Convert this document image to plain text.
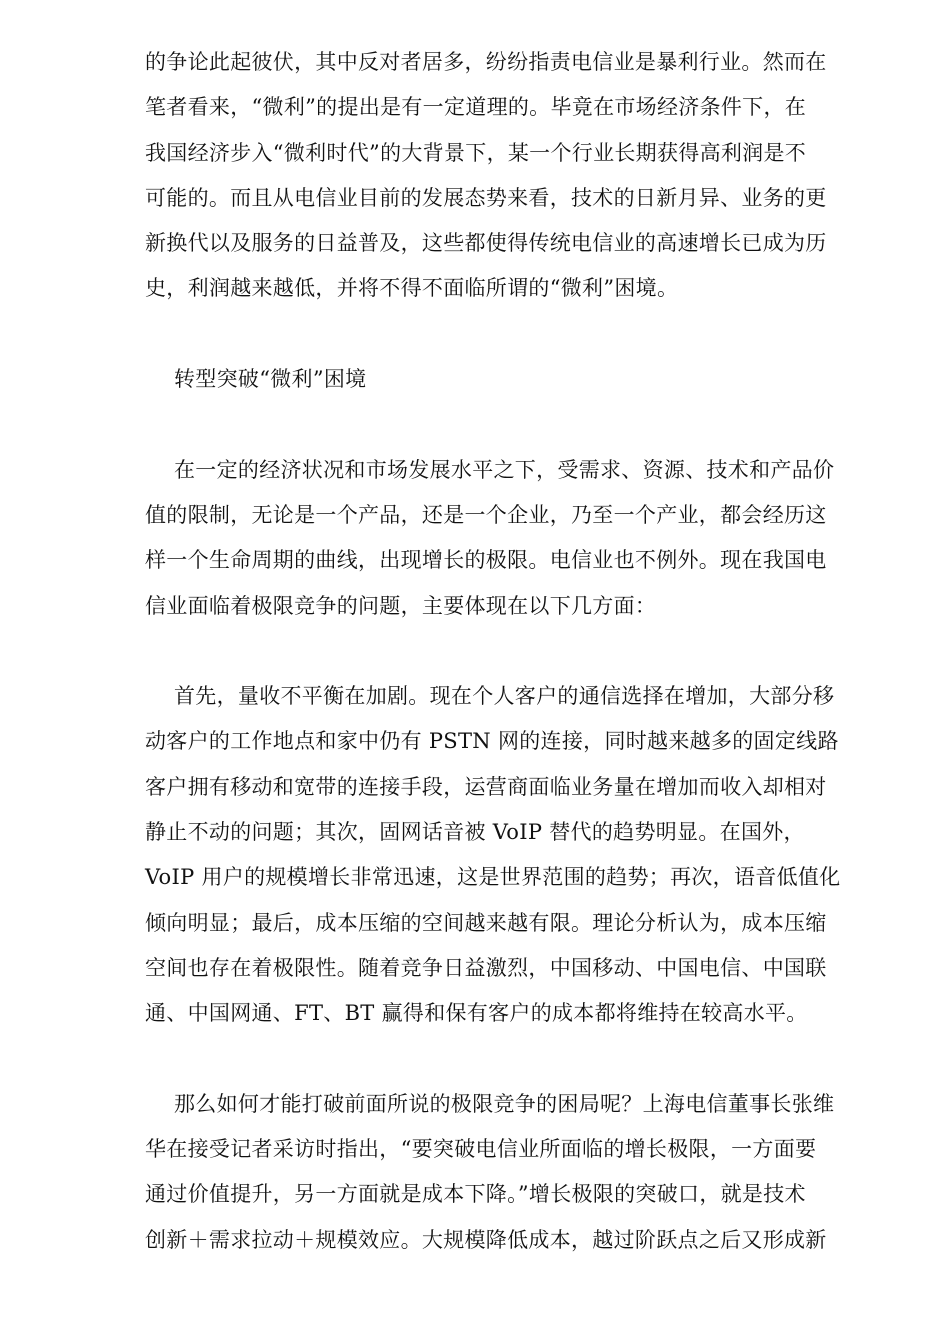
的争论此起彼伏，其中反对者居多，纷纷指责电信业是暴利行业。然而在
笔者看来，“微利”的提出是有一定道理的。毕竟在市场经济条件下，在
我国经济步入“微利时代”的大背景下，某一个行业长期获得高利润是不
可能的。而且从电信业目前的发展态势来看，技术的日新月异、业务的更
新换代以及服务的日益普及，这些都使得传统电信业的高速增长已成为历
史，利润越来越低，并将不得不面临所谓的“微利”困境。
转型突破“微利”困境
在一定的经济状况和市场发展水平之下，受需求、资源、技术和产品价
值的限制，无论是一个产品，还是一个企业，乃至一个产业，都会经历这
样一个生命周期的曲线，出现增长的极限。电信业也不例外。现在我国电
信业面临着极限竞争的问题，主要体现在以下几方面：
首先，量收不平衡在加剧。现在个人客户的通信选择在增加，大部分移
动客户的工作地点和家中仍有 PSTN 网的连接，同时越来越多的固定线路
客户拥有移动和宽带的连接手段，运营商面临业务量在增加而收入却相对
静止不动的问题；其次，固网话音被 VoIP 替代的趋势明显。在国外，
VoIP 用户的规模增长非常迅速，这是世界范围的趋势；再次，语音低值化
倾向明显；最后，成本压缩的空间越来越有限。理论分析认为，成本压缩
空间也存在着极限性。随着竞争日益激烈，中国移动、中国电信、中国联
通、中国网通、FT、BT 赢得和保有客户的成本都将维持在较高水平。
那么如何才能打破前面所说的极限竞争的困局呢？上海电信董事长张维
华在接受记者采访时指出，“要突破电信业所面临的增长极限，一方面要
通过价值提升，另一方面就是成本下降。”增长极限的突破口，就是技术
创新＋需求拉动＋规模效应。大规模降低成本，越过阶跃点之后又形成新
